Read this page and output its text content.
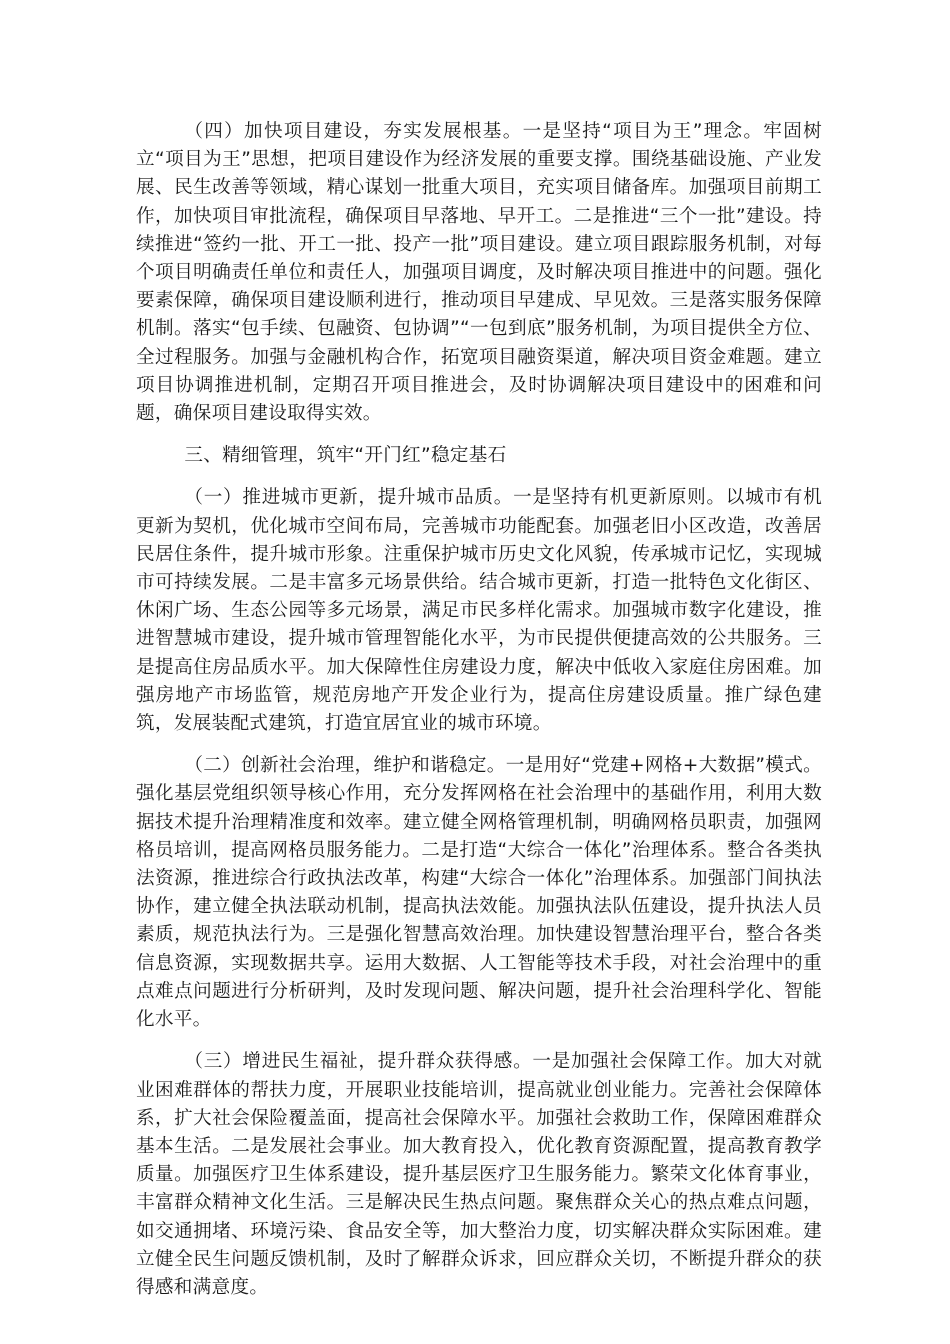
（四）加快项目建设，夯实发展根基。一是坚持“项目为王”理念。牢固树立“项目为王”思想，把项目建设作为经济发展的重要支撑。围绕基础设施、产业发展、民生改善等领域，精心谋划一批重大项目，充实项目储备库。加强项目前期工作，加快项目审批流程，确保项目早落地、早开工。二是推进“三个一批”建设。持续推进“签约一批、开工一批、投产一批”项目建设。建立项目跟踪服务机制，对每个项目明确责任单位和责任人，加强项目调度，及时解决项目推进中的问题。强化要素保障，确保项目建设顺利进行，推动项目早建成、早见效。三是落实服务保障机制。落实“包手续、包融资、包协调”“一包到底”服务机制，为项目提供全方位、全过程服务。加强与金融机构合作，拓宽项目融资渠道，解决项目资金难题。建立项目协调推进机制，定期召开项目推进会，及时协调解决项目建设中的困难和问题，确保项目建设取得实效。

三、精细管理，筑牢“开门红”稳定基石

（一）推进城市更新，提升城市品质。一是坚持有机更新原则。以城市有机更新为契机，优化城市空间布局，完善城市功能配套。加强老旧小区改造，改善居民居住条件，提升城市形象。注重保护城市历史文化风貌，传承城市记忆，实现城市可持续发展。二是丰富多元场景供给。结合城市更新，打造一批特色文化街区、休闲广场、生态公园等多元场景，满足市民多样化需求。加强城市数字化建设，推进智慧城市建设，提升城市管理智能化水平，为市民提供便捷高效的公共服务。三是提高住房品质水平。加大保障性住房建设力度，解决中低收入家庭住房困难。加强房地产市场监管，规范房地产开发企业行为，提高住房建设质量。推广绿色建筑，发展装配式建筑，打造宜居宜业的城市环境。

（二）创新社会治理，维护和谐稳定。一是用好“党建+网格+大数据”模式。强化基层党组织领导核心作用，充分发挥网格在社会治理中的基础作用，利用大数据技术提升治理精准度和效率。建立健全网格管理机制，明确网格员职责，加强网格员培训，提高网格员服务能力。二是打造“大综合一体化”治理体系。整合各类执法资源，推进综合行政执法改革，构建“大综合一体化”治理体系。加强部门间执法协作，建立健全执法联动机制，提高执法效能。加强执法队伍建设，提升执法人员素质，规范执法行为。三是强化智慧高效治理。加快建设智慧治理平台，整合各类信息资源，实现数据共享。运用大数据、人工智能等技术手段，对社会治理中的重点难点问题进行分析研判，及时发现问题、解决问题，提升社会治理科学化、智能化水平。

（三）增进民生福祉，提升群众获得感。一是加强社会保障工作。加大对就业困难群体的帮扶力度，开展职业技能培训，提高就业创业能力。完善社会保障体系，扩大社会保险覆盖面，提高社会保障水平。加强社会救助工作，保障困难群众基本生活。二是发展社会事业。加大教育投入，优化教育资源配置，提高教育教学质量。加强医疗卫生体系建设，提升基层医疗卫生服务能力。繁荣文化体育事业，丰富群众精神文化生活。三是解决民生热点问题。聚焦群众关心的热点难点问题，如交通拥堵、环境污染、食品安全等，加大整治力度，切实解决群众实际困难。建立健全民生问题反馈机制，及时了解群众诉求，回应群众关切，不断提升群众的获得感和满意度。
